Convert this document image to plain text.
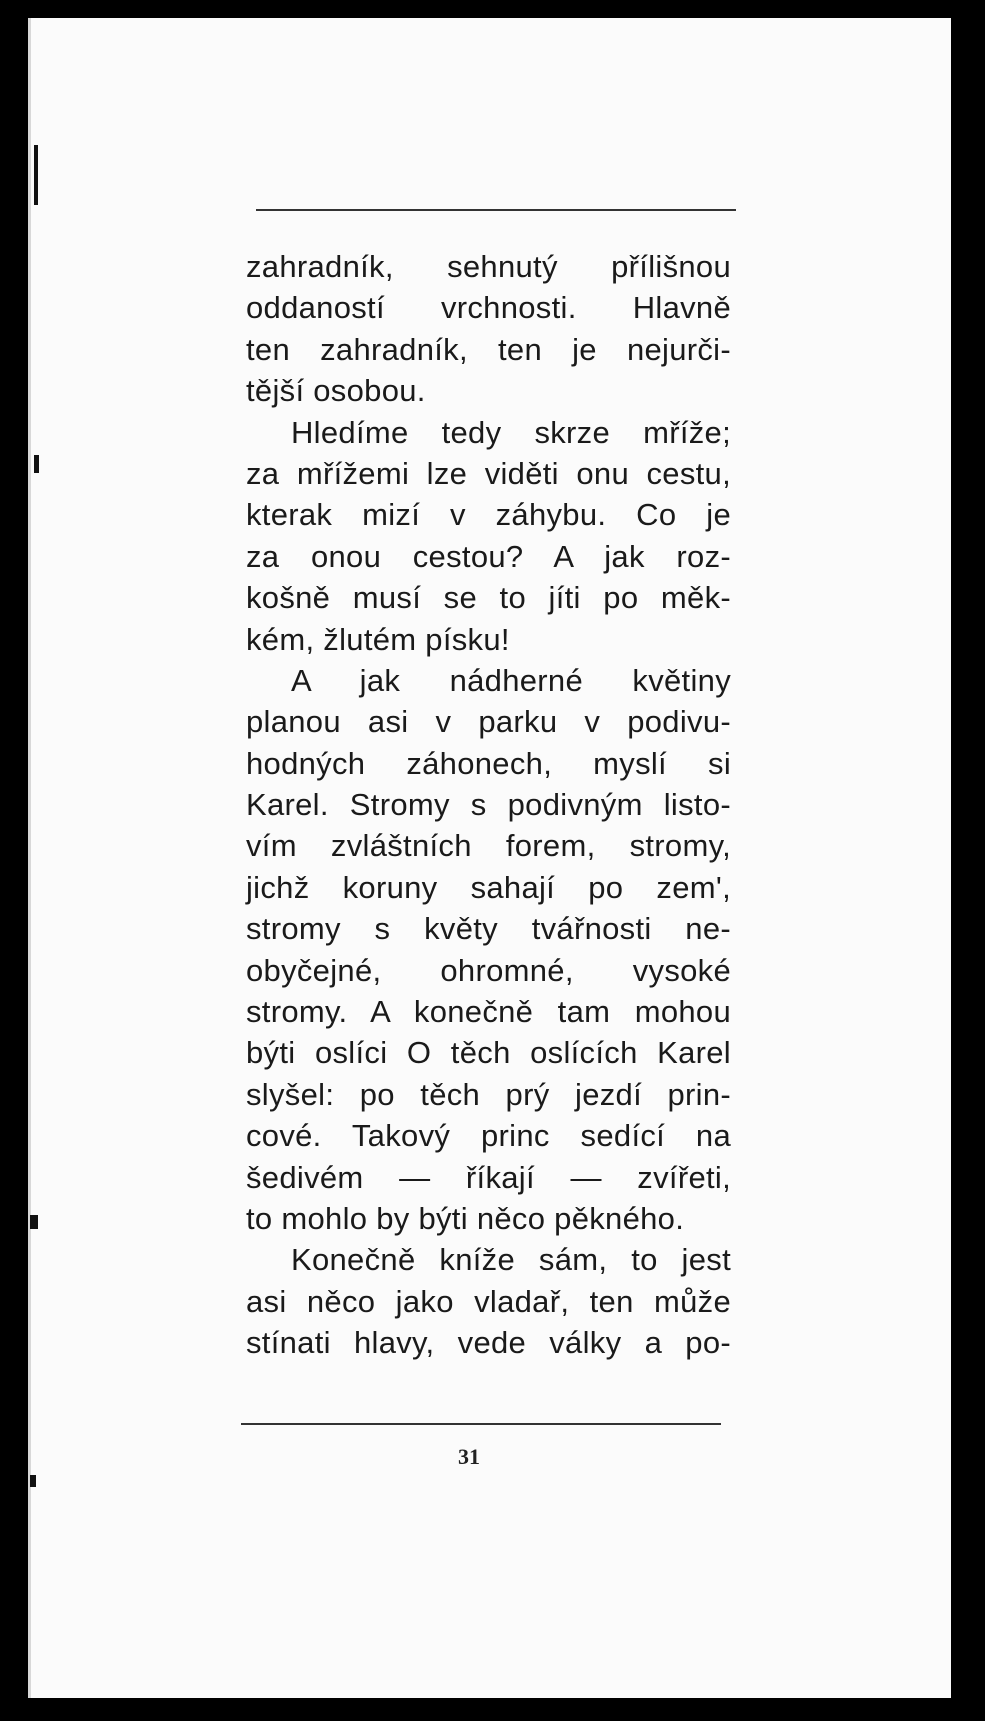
zahradník, sehnutý přílišnou
oddaností vrchnosti. Hlavně
ten zahradník, ten je nejurči-
tější osobou.
Hledíme tedy skrze mříže;
za mřížemi lze viděti onu cestu,
kterak mizí v záhybu. Co je
za onou cestou? A jak roz-
košně musí se to jíti po měk-
kém, žlutém písku!
A jak nádherné květiny
planou asi v parku v podivu-
hodných záhonech, myslí si
Karel. Stromy s podivným listo-
vím zvláštních forem, stromy,
jichž koruny sahají po zem',
stromy s květy tvářnosti ne-
obyčejné, ohromné, vysoké
stromy. A konečně tam mohou
býti oslíci O těch oslících Karel
slyšel: po těch prý jezdí prin-
cové. Takový princ sedící na
šedivém — říkají — zvířeti,
to mohlo by býti něco pěkného.
Konečně kníže sám, to jest
asi něco jako vladař, ten může
stínati hlavy, vede války a po-
31
